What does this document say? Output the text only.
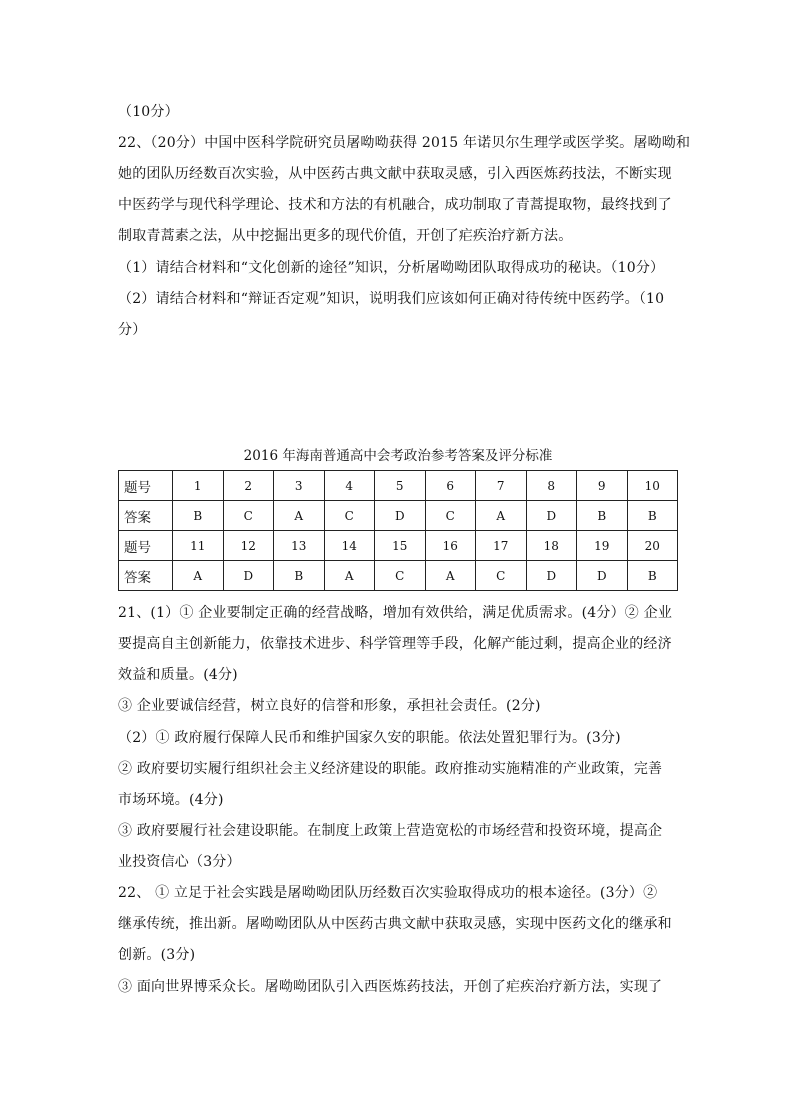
（10分）
22、（20分）中国中医科学院研究员屠呦呦获得 2015 年诺贝尔生理学或医学奖。屠呦呦和
她的团队历经数百次实验，从中医药古典文献中获取灵感，引入西医炼药技法，不断实现
中医药学与现代科学理论、技术和方法的有机融合，成功制取了青蒿提取物，最终找到了
制取青蒿素之法，从中挖掘出更多的现代价值，开创了疟疾治疗新方法。
（1）请结合材料和“文化创新的途径”知识，分析屠呦呦团队取得成功的秘诀。（10分）
（2）请结合材料和“辩证否定观”知识，说明我们应该如何正确对待传统中医药学。（10
分）
2016 年海南普通高中会考政治参考答案及评分标准
题号	1	2	3	4	5	6	7	8	9	10
答案	B	C	A	C	D	C	A	D	B	B
题号	11	12	13	14	15	16	17	18	19	20
答案	A	D	B	A	C	A	C	D	D	B
21、(1）① 企业要制定正确的经营战略，增加有效供给，满足优质需求。(4分）② 企业
要提高自主创新能力，依靠技术进步、科学管理等手段，化解产能过剩，提高企业的经济
效益和质量。(4分)
③ 企业要诚信经营，树立良好的信誉和形象，承担社会责任。(2分)
（2）① 政府履行保障人民币和维护国家久安的职能。依法处置犯罪行为。(3分)
② 政府要切实履行组织社会主义经济建设的职能。政府推动实施精准的产业政策，完善
市场环境。(4分)
③ 政府要履行社会建设职能。在制度上政策上营造宽松的市场经营和投资环境，提高企
业投资信心（3分）
22、 ① 立足于社会实践是屠呦呦团队历经数百次实验取得成功的根本途径。(3分）②
继承传统，推出新。屠呦呦团队从中医药古典文献中获取灵感，实现中医药文化的继承和
创新。(3分)
③ 面向世界博采众长。屠呦呦团队引入西医炼药技法，开创了疟疾治疗新方法，实现了
